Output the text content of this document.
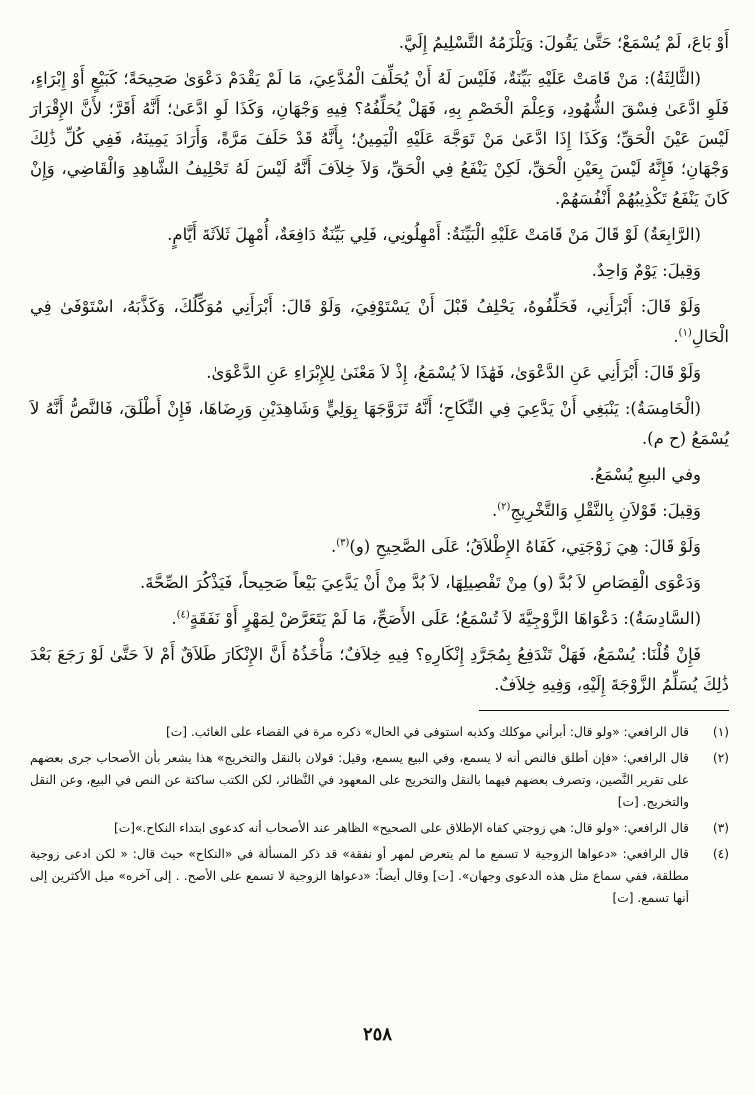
أَوْ بَاعَ، لَمْ يُسْمَعْ؛ حَتَّىٰ يَقُولَ: وَيَلْزَمُهُ التَّسْلِيمُ إِلَيَّ.

(الثَّالِثَةُ): مَنْ قَامَتْ عَلَيْهِ بَيِّنَةٌ، فَلَيْسَ لَهُ أَنْ يُحَلِّفَ الْمُدَّعِيَ، مَا لَمْ يَقْدَمْ دَعْوَىٰ صَحِيحَةً؛ كَبَيْعٍ أَوْ إِبْرَاءٍ، فَلَوِ ادَّعَىٰ فِسْقَ الشُّهُودِ، وَعِلْمَ الْخَصْمِ بِهِ، فَهَلْ يُحَلِّفُهُ؟ فِيهِ وَجْهَانِ، وَكَذَا لَوِ ادَّعَىٰ؛ أَنَّهُ أَقَرَّ؛ لأَنَّ الإِقْرَارَ لَيْسَ عَيْنَ الْحَقِّ؛ وَكَذَا إِذَا ادَّعَىٰ مَنْ تَوَجَّهَ عَلَيْهِ الْيَمِينُ؛ بِأَنَّهُ قَدْ حَلَفَ مَرَّةً، وَأَرَادَ يَمِينَهُ، فَفِي كُلِّ ذَٰلِكَ وَجْهَانِ؛ فَإِنَّهُ لَيْسَ بِعَيْنِ الْحَقِّ، لَكِنْ يَنْفَعُ فِي الْحَقِّ، وَلاَ خِلاَفَ أَنَّهُ لَيْسَ لَهُ تَحْلِيفُ الشَّاهِدِ وَالْقَاضِي، وَإِنْ كَانَ يَنْفَعُ تَكْذِيبُهُمْ أَنْفُسَهُمْ.

(الرَّابِعَةُ) لَوْ قَالَ مَنْ قَامَتْ عَلَيْهِ الْبَيِّنَةُ: أَمْهِلُونِي، فَلِي بَيِّنَةٌ دَافِعَةٌ، أُمْهِلَ ثَلاَثَةَ أَيَّامٍ.

وَقِيلَ: يَوْمٌ وَاحِدٌ.

وَلَوْ قَالَ: أَبْرَأَنِي، فَحَلِّفُوهُ، يَحْلِفُ قَبْلَ أَنْ يَسْتَوْفِيَ، وَلَوْ قَالَ: أَبْرَأَنِي مُوَكِّلُكَ، وَكَذَّبَهُ، اسْتَوْفَىٰ فِي الْحَالِ$^{(١)}$.

وَلَوْ قَالَ: أَبْرَأَنِي عَنِ الدَّعْوَىٰ، فَهَٰذَا لاَ يُسْمَعُ، إِذْ لاَ مَعْنَىٰ لِلإِبْرَاءِ عَنِ الدَّعْوَىٰ.

(الْخَامِسَةُ): يَنْبَغِي أَنْ يَدَّعِيَ فِي النِّكَاحِ؛ أَنَّهُ تَزَوَّجَهَا بِوَلِيٍّ وَشَاهِدَيْنِ وَرِضَاهَا، فَإِنْ أَطْلَقَ، فَالنَّصُّ أَنَّهُ لاَ يُسْمَعُ (ح م).

وفي البيعِ يُسْمَعُ.

وَقِيلَ: قَوْلاَنِ بِالنَّقْلِ وَالتَّخْرِيجِ$^{(٢)}$.

وَلَوْ قَالَ: هِيَ زَوْجَتِي، كَفَاهُ الإِطْلاَقُ؛ عَلَى الصَّحِيحِ (و)$^{(٣)}$.

وَدَعْوَى الْقِصَاصِ لاَ بُدَّ (و) مِنْ تَفْصِيلِهَا، لاَ بُدَّ مِنْ أَنْ يَدَّعِيَ بَيْعاً صَحِيحاً، فَيَذْكُرَ الصِّحَّةَ.

(السَّادِسَةُ): دَعْوَاهَا الزَّوْجِيَّةَ لاَ تُسْمَعُ؛ عَلَى الأَصَحِّ، مَا لَمْ يَتَعَرَّضْ لِمَهْرٍ أَوْ نَفَقَةٍ$^{(٤)}$.

فَإِنْ قُلْنَا: يُسْمَعُ، فَهَلْ تَنْدَفِعُ بِمُجَرَّدِ إِنْكَارِهِ؟ فِيهِ خِلاَفٌ؛ مَأْخَذُهُ أَنَّ الإِنْكَارَ طَلاَقٌ أَمْ لاَ حَتَّىٰ لَوْ رَجَعَ بَعْدَ ذَٰلِكَ يُسَلِّمُ الزَّوْجَةَ إِلَيْهِ، وَفِيهِ خِلاَفٌ.

(١)
قال الرافعي: «ولو قال: أبرأني موكلك وكذبه استوفى في الحال» ذكره مرة في القضاء على الغائب. [ت]
(٢)
قال الرافعي: «فإن أطلق فالنص أنه لا يسمع، وفي البيع يسمع، وقيل: قولان بالنقل والتخريج» هذا يشعر بأن الأصحاب جرى بعضهم على تقرير النَّصين، وتصرف بعضهم فيهما بالنقل والتخريج على المعهود في النَّظائر، لكن الكتب ساكتة عن النص في البيع، وعن النقل والتخريج. [ت]
(٣)
قال الرافعي: «ولو قال: هي زوجتي كفاه الإطلاق على الصحيح» الظاهر عند الأصحاب أنه كدعوى ابتداء النكاح.»[ت]
(٤)
قال الرافعي: «دعواها الزوجية لا تسمع ما لم يتعرض لمهر أو نفقة» قد ذكر المسألة في «النكاح» حيث قال: « لكن ادعى زوجية مطلقة، ففي سماع مثل هذه الدعوى وجهان». [ت] وقال أيضاً: «دعواها الزوجية لا تسمع على الأصح. . إلى آخره» ميل الأكثرين إلى أنها تسمع. [ت]
٢٥٨
